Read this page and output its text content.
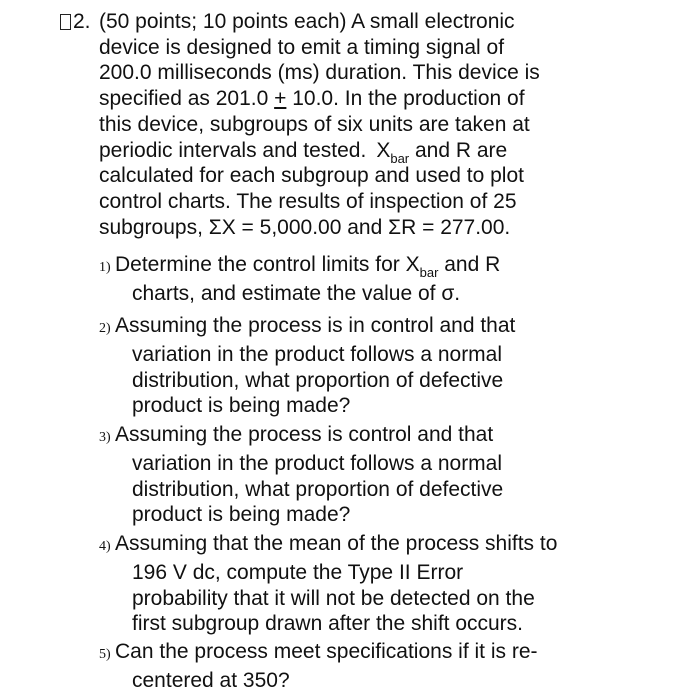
2. (50 points; 10 points each) A small electronic
device is designed to emit a timing signal of
200.0 milliseconds (ms) duration. This device is
specified as 201.0 + 10.0. In the production of
this device, subgroups of six units are taken at
periodic intervals and tested. $X_{bar}$ and R are
calculated for each subgroup and used to plot
control charts. The results of inspection of 25
subgroups, ΣX = 5,000.00 and ΣR = 277.00.
1) Determine the control limits for $X_{bar}$ and R
charts, and estimate the value of σ.
2) Assuming the process is in control and that
variation in the product follows a normal
distribution, what proportion of defective
product is being made?
3) Assuming the process is control and that
variation in the product follows a normal
distribution, what proportion of defective
product is being made?
4) Assuming that the mean of the process shifts to
196 V dc, compute the Type II Error
probability that it will not be detected on the
first subgroup drawn after the shift occurs.
5) Can the process meet specifications if it is re-
centered at 350?
